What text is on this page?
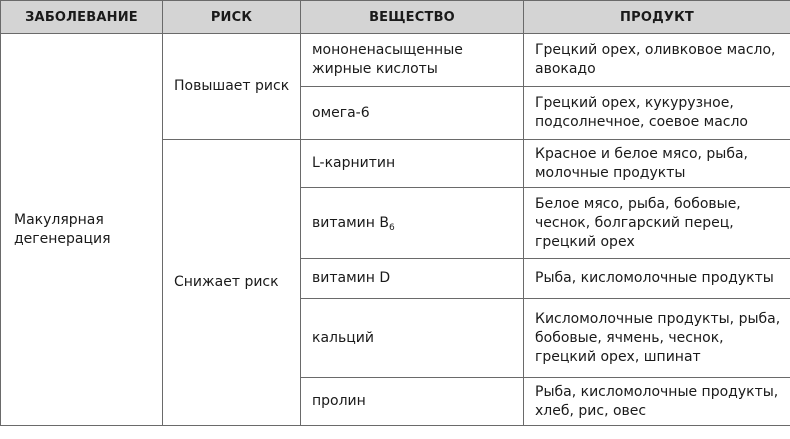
ЗАБОЛЕВАНИЕ	РИСК	ВЕЩЕСТВО	ПРОДУКТ
Макулярная дегенерация	Повышает риск	мононенасыщенные жирные кислоты	Грецкий орех, оливковое масло, авокадо
		омега-6	Грецкий орех, кукурузное, подсолнечное, соевое масло
	Снижает риск	L-карнитин	Красное и белое мясо, рыба, молочные продукты
		витамин $B_6$	Белое мясо, рыба, бобовые, чеснок, болгарский перец, грецкий орех
		витамин D	Рыба, кисломолочные продукты
		кальций	Кисломолочные продукты, рыба, бобовые, ячмень, чеснок, грецкий орех, шпинат
		пролин	Рыба, кисломолочные продукты, хлеб, рис, овес
